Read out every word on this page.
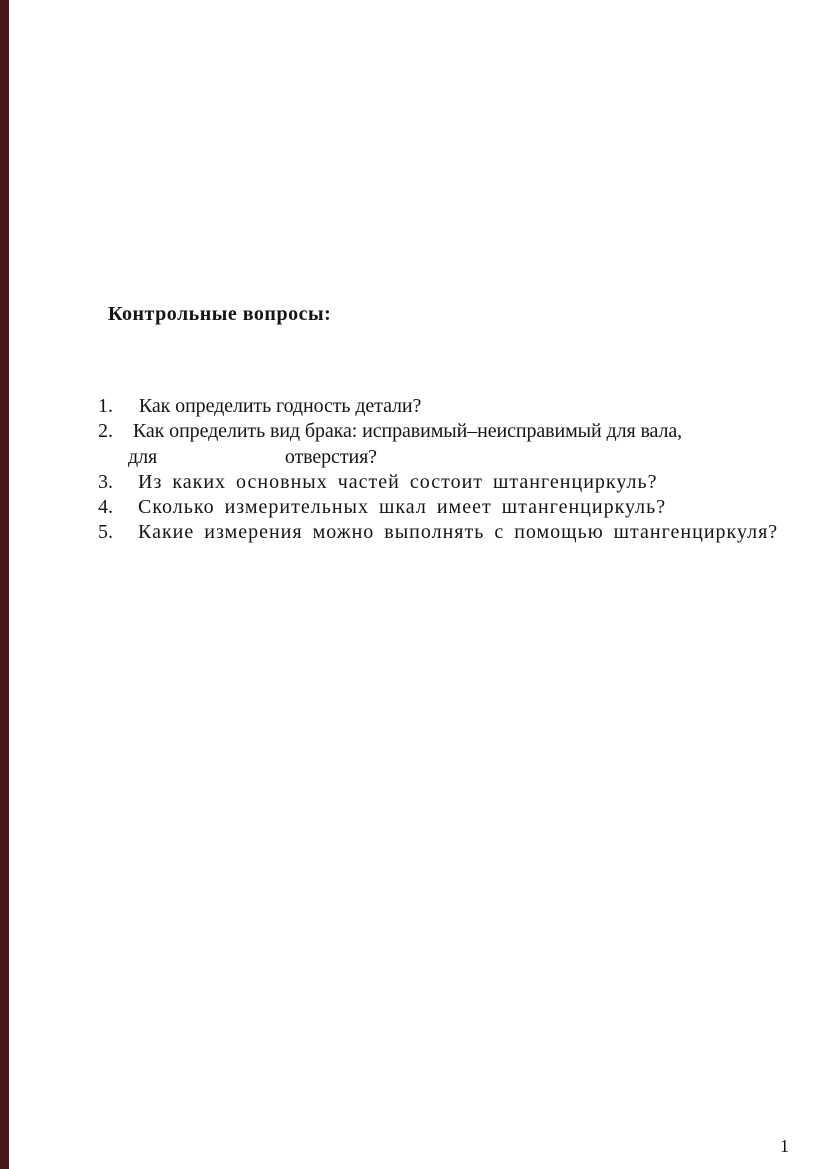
Контрольные вопросы:
1. Как определить годность детали?
2. Как определить вид брака: исправимый–неисправимый для вала,
для	отверстия?
3. Из каких основных частей состоит штангенциркуль?
4. Сколько измерительных шкал имеет штангенциркуль?
5. Какие измерения можно выполнять с помощью штангенциркуля?
1
